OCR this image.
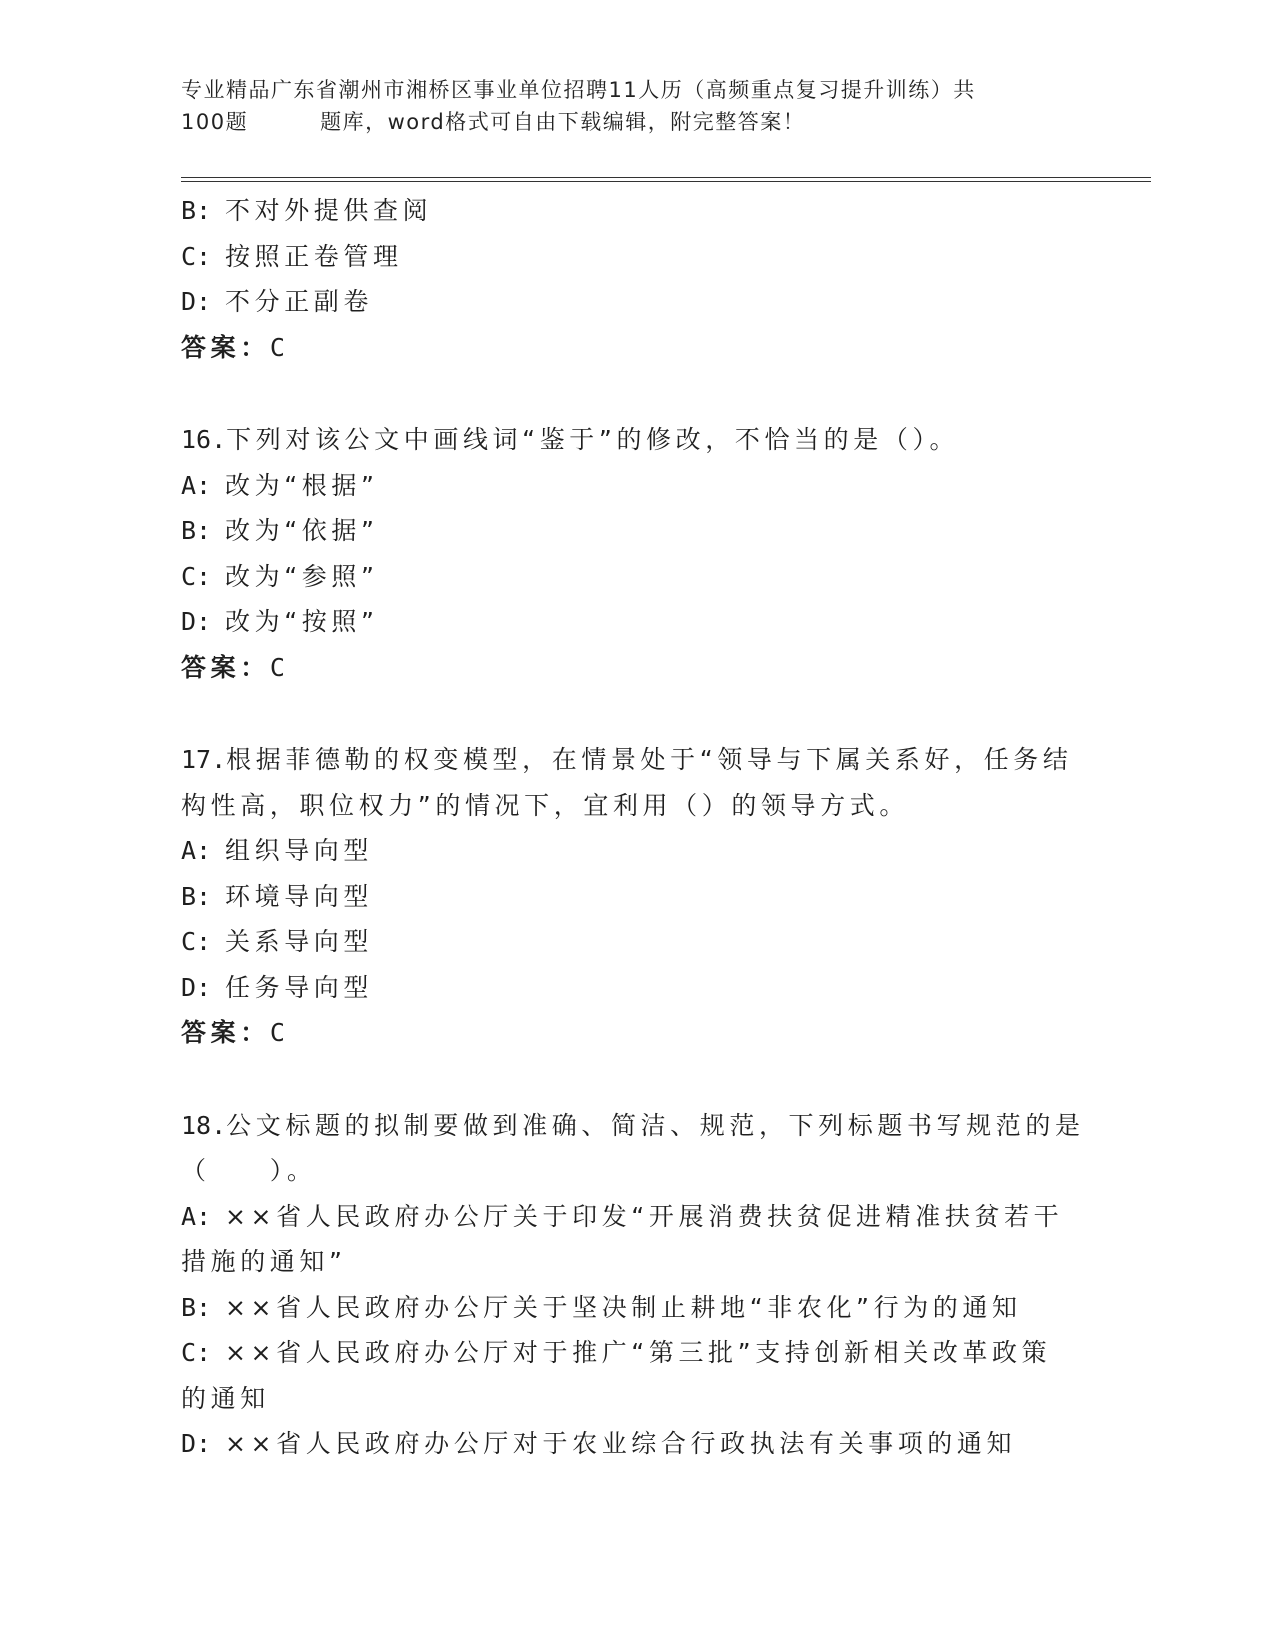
专业精品广东省潮州市湘桥区事业单位招聘11人历（高频重点复习提升训练）共
100题	题库，word格式可自由下载编辑，附完整答案！
B: 不对外提供查阅
C: 按照正卷管理
D: 不分正副卷
答案：C
16.下列对该公文中画线词“鉴于”的修改，不恰当的是（）。
A: 改为“根据”
B: 改为“依据”
C: 改为“参照”
D: 改为“按照”
答案：C
17.根据菲德勒的权变模型，在情景处于“领导与下属关系好，任务结
构性高，职位权力”的情况下，宜利用（）的领导方式。
A: 组织导向型
B: 环境导向型
C: 关系导向型
D: 任务导向型
答案：C
18.公文标题的拟制要做到准确、简洁、规范，下列标题书写规范的是
（　　）。
A: ××省人民政府办公厅关于印发“开展消费扶贫促进精准扶贫若干
措施的通知”
B: ××省人民政府办公厅关于坚决制止耕地“非农化”行为的通知
C: ××省人民政府办公厅对于推广“第三批”支持创新相关改革政策
的通知
D: ××省人民政府办公厅对于农业综合行政执法有关事项的通知
